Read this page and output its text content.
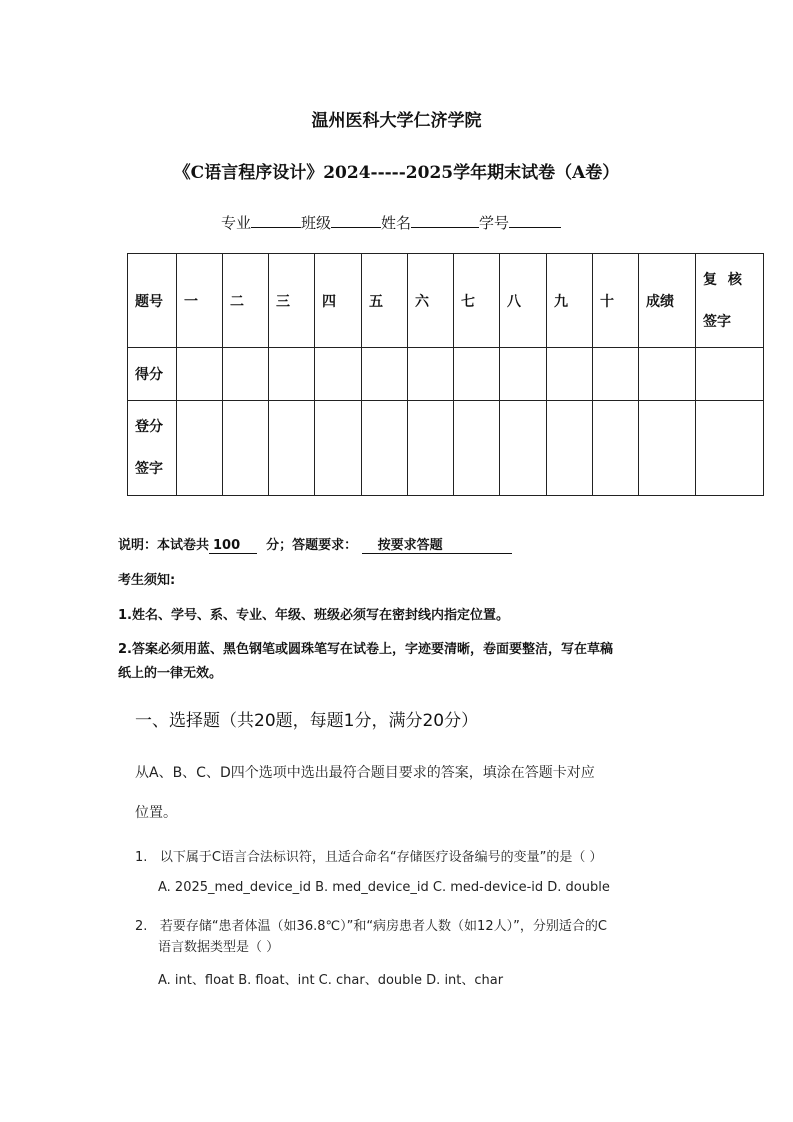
温州医科大学仁济学院
《C语言程序设计》2024-----2025学年期末试卷（A卷）
专业	班级	姓名	学号
题号	一	二	三	四	五	六	七	八	九	十	成绩	复 核 签字
得分												
登分 签字												
说明：本试卷共 100 分；答题要求： 按要求答题
考生须知:
1.姓名、学号、系、专业、年级、班级必须写在密封线内指定位置。
2.答案必须用蓝、黑色钢笔或圆珠笔写在试卷上，字迹要清晰，卷面要整洁，写在草稿
纸上的一律无效。
一、选择题（共20题，每题1分，满分20分）
从A、B、C、D四个选项中选出最符合题目要求的答案，填涂在答题卡对应
位置。
1. 以下属于C语言合法标识符，且适合命名“存储医疗设备编号的变量”的是（ ）
A. 2025_med_device_id B. med_device_id C. med-device-id D. double
2. 若要存储“患者体温（如36.8℃）”和“病房患者人数（如12人）”，分别适合的C
语言数据类型是（ ）
A. int、float B. float、int C. char、double D. int、char
